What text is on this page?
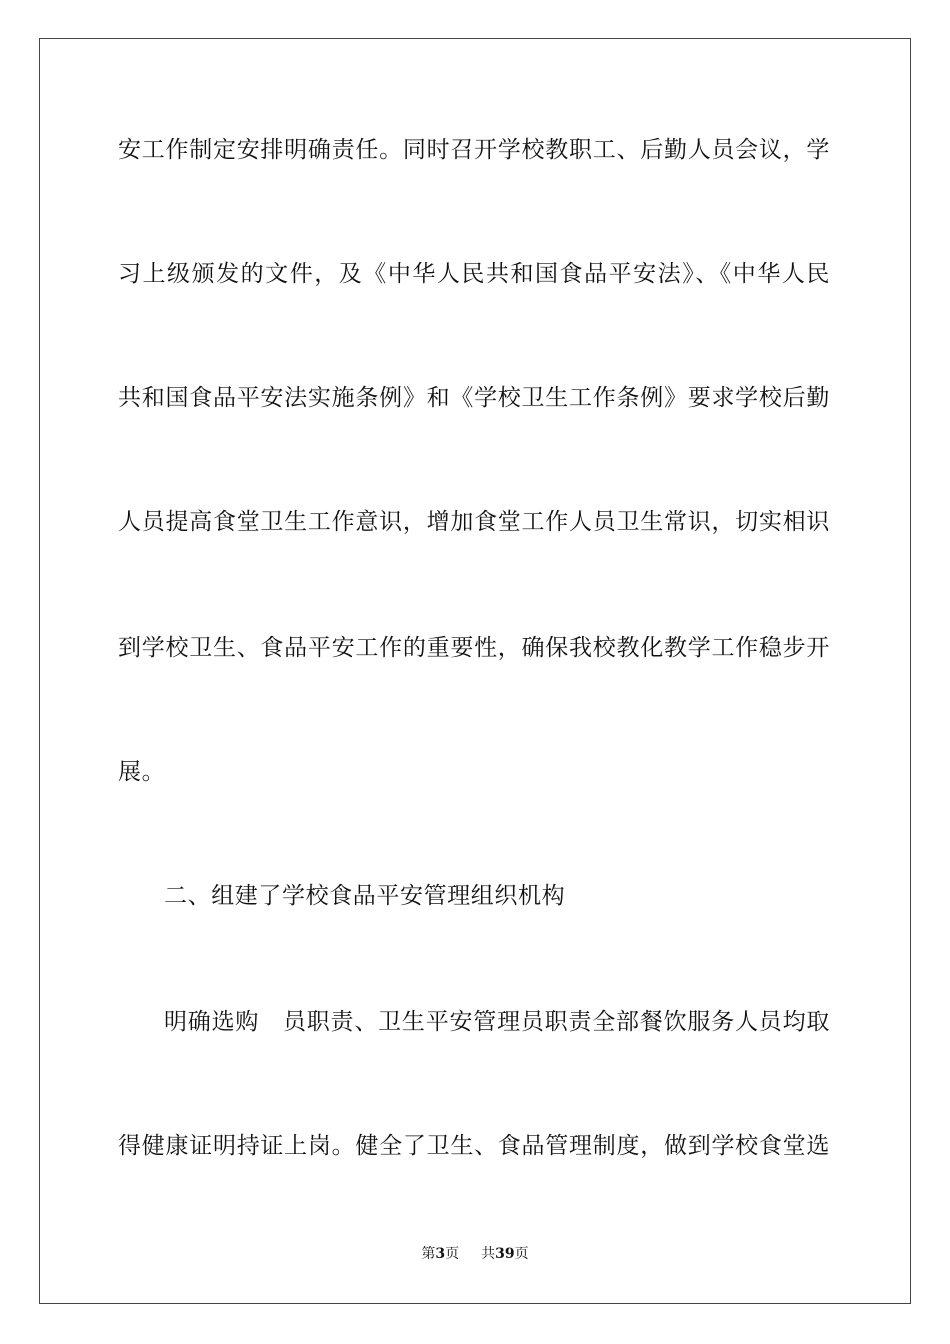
安工作制定安排明确责任。同时召开学校教职工、后勤人员会议，学
习上级颁发的文件，及《中华人民共和国食品平安法》、《中华人民
共和国食品平安法实施条例》和《学校卫生工作条例》要求学校后勤
人员提高食堂卫生工作意识，增加食堂工作人员卫生常识，切实相识
到学校卫生、食品平安工作的重要性，确保我校教化教学工作稳步开
展。
二、组建了学校食品平安管理组织机构
明确选购　员职责、卫生平安管理员职责全部餐饮服务人员均取
得健康证明持证上岗。健全了卫生、食品管理制度，做到学校食堂选
第3页 共39页
